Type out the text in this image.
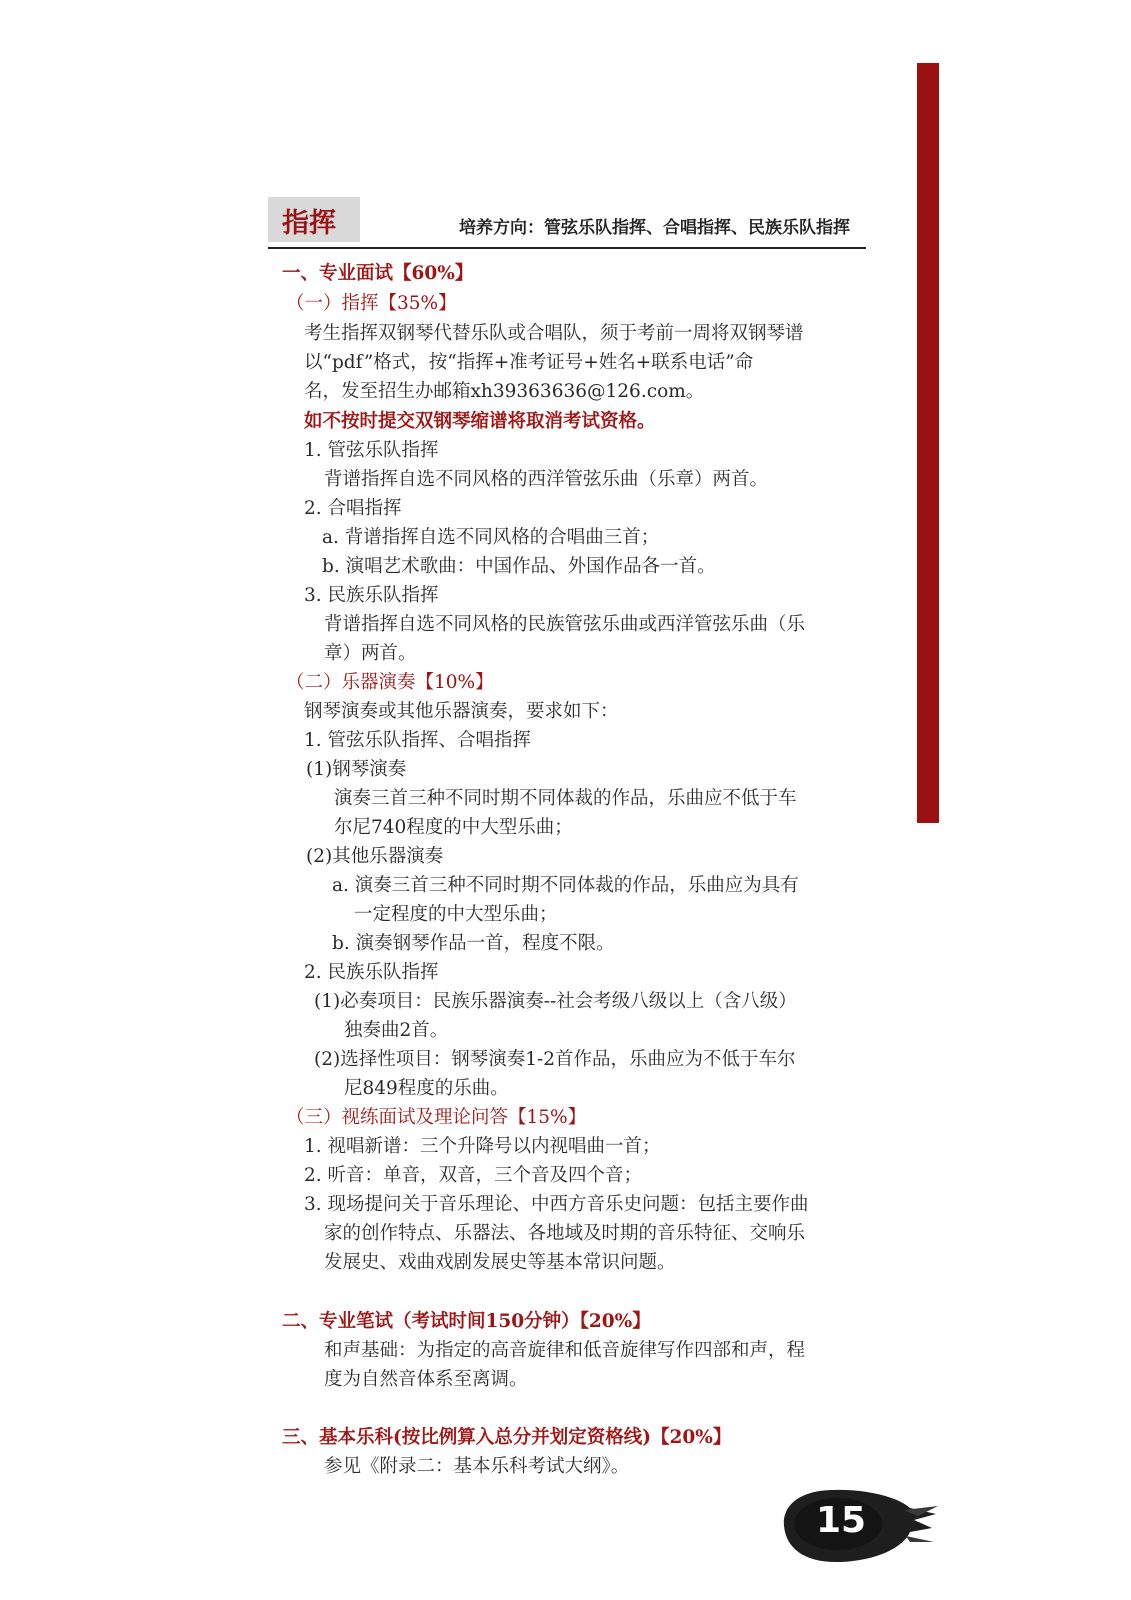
指挥	培养方向：管弦乐队指挥、合唱指挥、民族乐队指挥
一、专业面试【60%】
（一）指挥【35%】
考生指挥双钢琴代替乐队或合唱队，须于考前一周将双钢琴谱
以“pdf”格式，按“指挥+准考证号+姓名+联系电话”命
名，发至招生办邮箱xh39363636@126.com。
如不按时提交双钢琴缩谱将取消考试资格。
1. 管弦乐队指挥
背谱指挥自选不同风格的西洋管弦乐曲（乐章）两首。
2. 合唱指挥
a. 背谱指挥自选不同风格的合唱曲三首；
b. 演唱艺术歌曲：中国作品、外国作品各一首。
3. 民族乐队指挥
背谱指挥自选不同风格的民族管弦乐曲或西洋管弦乐曲（乐
章）两首。
（二）乐器演奏【10%】
钢琴演奏或其他乐器演奏，要求如下：
1. 管弦乐队指挥、合唱指挥
(1)钢琴演奏
演奏三首三种不同时期不同体裁的作品，乐曲应不低于车
尔尼740程度的中大型乐曲；
(2)其他乐器演奏
a. 演奏三首三种不同时期不同体裁的作品，乐曲应为具有
一定程度的中大型乐曲；
b. 演奏钢琴作品一首，程度不限。
2. 民族乐队指挥
(1)必奏项目：民族乐器演奏--社会考级八级以上（含八级）
独奏曲2首。
(2)选择性项目：钢琴演奏1-2首作品，乐曲应为不低于车尔
尼849程度的乐曲。
（三）视练面试及理论问答【15%】
1. 视唱新谱：三个升降号以内视唱曲一首；
2. 听音：单音，双音，三个音及四个音；
3. 现场提问关于音乐理论、中西方音乐史问题：包括主要作曲
家的创作特点、乐器法、各地域及时期的音乐特征、交响乐
发展史、戏曲戏剧发展史等基本常识问题。
二、专业笔试（考试时间150分钟）【20%】
和声基础：为指定的高音旋律和低音旋律写作四部和声，程
度为自然音体系至离调。
三、基本乐科(按比例算入总分并划定资格线)【20%】
参见《附录二：基本乐科考试大纲》。
15
